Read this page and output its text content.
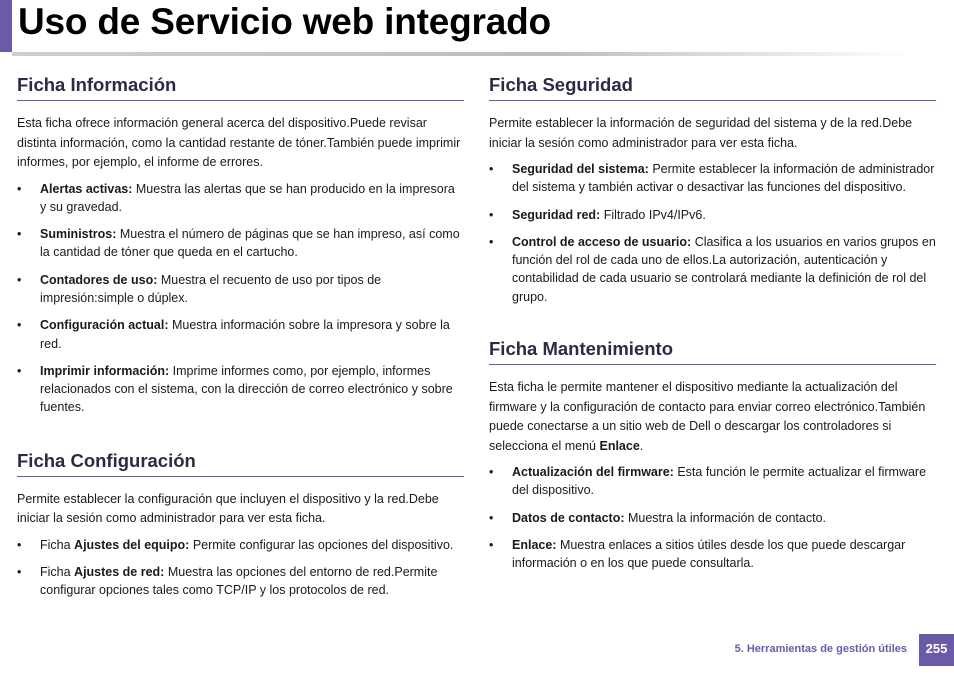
Uso de Servicio web integrado
Ficha Información

Esta ficha ofrece información general acerca del dispositivo.Puede revisar distinta información, como la cantidad restante de tóner.También puede imprimir informes, por ejemplo, el informe de errores.

• Alertas activas: Muestra las alertas que se han producido en la impresora y su gravedad.
• Suministros: Muestra el número de páginas que se han impreso, así como la cantidad de tóner que queda en el cartucho.
• Contadores de uso: Muestra el recuento de uso por tipos de impresión:simple o dúplex.
• Configuración actual: Muestra información sobre la impresora y sobre la red.
• Imprimir información: Imprime informes como, por ejemplo, informes relacionados con el sistema, con la dirección de correo electrónico y sobre fuentes.
Ficha Configuración

Permite establecer la configuración que incluyen el dispositivo y la red.Debe iniciar la sesión como administrador para ver esta ficha.

• Ficha Ajustes del equipo: Permite configurar las opciones del dispositivo.
• Ficha Ajustes de red: Muestra las opciones del entorno de red.Permite configurar opciones tales como TCP/IP y los protocolos de red.
Ficha Seguridad

Permite establecer la información de seguridad del sistema y de la red.Debe iniciar la sesión como administrador para ver esta ficha.

• Seguridad del sistema: Permite establecer la información de administrador del sistema y también activar o desactivar las funciones del dispositivo.
• Seguridad red: Filtrado IPv4/IPv6.
• Control de acceso de usuario: Clasifica a los usuarios en varios grupos en función del rol de cada uno de ellos.La autorización, autenticación y contabilidad de cada usuario se controlará mediante la definición de rol del grupo.
Ficha Mantenimiento

Esta ficha le permite mantener el dispositivo mediante la actualización del firmware y la configuración de contacto para enviar correo electrónico.También puede conectarse a un sitio web de Dell o descargar los controladores si selecciona el menú Enlace.

• Actualización del firmware: Esta función le permite actualizar el firmware del dispositivo.
• Datos de contacto: Muestra la información de contacto.
• Enlace: Muestra enlaces a sitios útiles desde los que puede descargar información o en los que puede consultarla.
5. Herramientas de gestión útiles	255
